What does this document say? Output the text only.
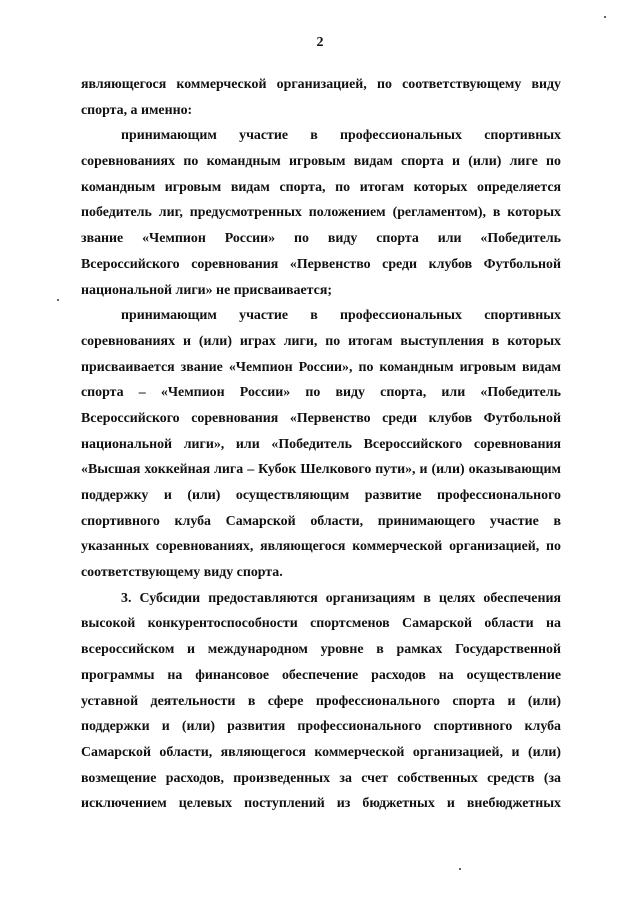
2
являющегося коммерческой организацией, по соответствующему виду
спорта, а именно:
принимающим участие в профессиональных спортивных
соревнованиях по командным игровым видам спорта и (или) лиге по
командным игровым видам спорта, по итогам которых определяется
победитель лиг, предусмотренных положением (регламентом), в которых
звание «Чемпион России» по виду спорта или «Победитель
Всероссийского соревнования «Первенство среди клубов Футбольной
национальной лиги» не присваивается;
принимающим участие в профессиональных спортивных
соревнованиях и (или) играх лиги, по итогам выступления в которых
присваивается звание «Чемпион России», по командным игровым видам
спорта – «Чемпион России» по виду спорта, или «Победитель
Всероссийского соревнования «Первенство среди клубов Футбольной
национальной лиги», или «Победитель Всероссийского соревнования
«Высшая хоккейная лига – Кубок Шелкового пути», и (или) оказывающим
поддержку и (или) осуществляющим развитие профессионального
спортивного клуба Самарской области, принимающего участие в
указанных соревнованиях, являющегося коммерческой организацией, по
соответствующему виду спорта.
3. Субсидии предоставляются организациям в целях обеспечения
высокой конкурентоспособности спортсменов Самарской области на
всероссийском и международном уровне в рамках Государственной
программы на финансовое обеспечение расходов на осуществление
уставной деятельности в сфере профессионального спорта и (или)
поддержки и (или) развития профессионального спортивного клуба
Самарской области, являющегося коммерческой организацией, и (или)
возмещение расходов, произведенных за счет собственных средств (за
исключением целевых поступлений из бюджетных и внебюджетных
